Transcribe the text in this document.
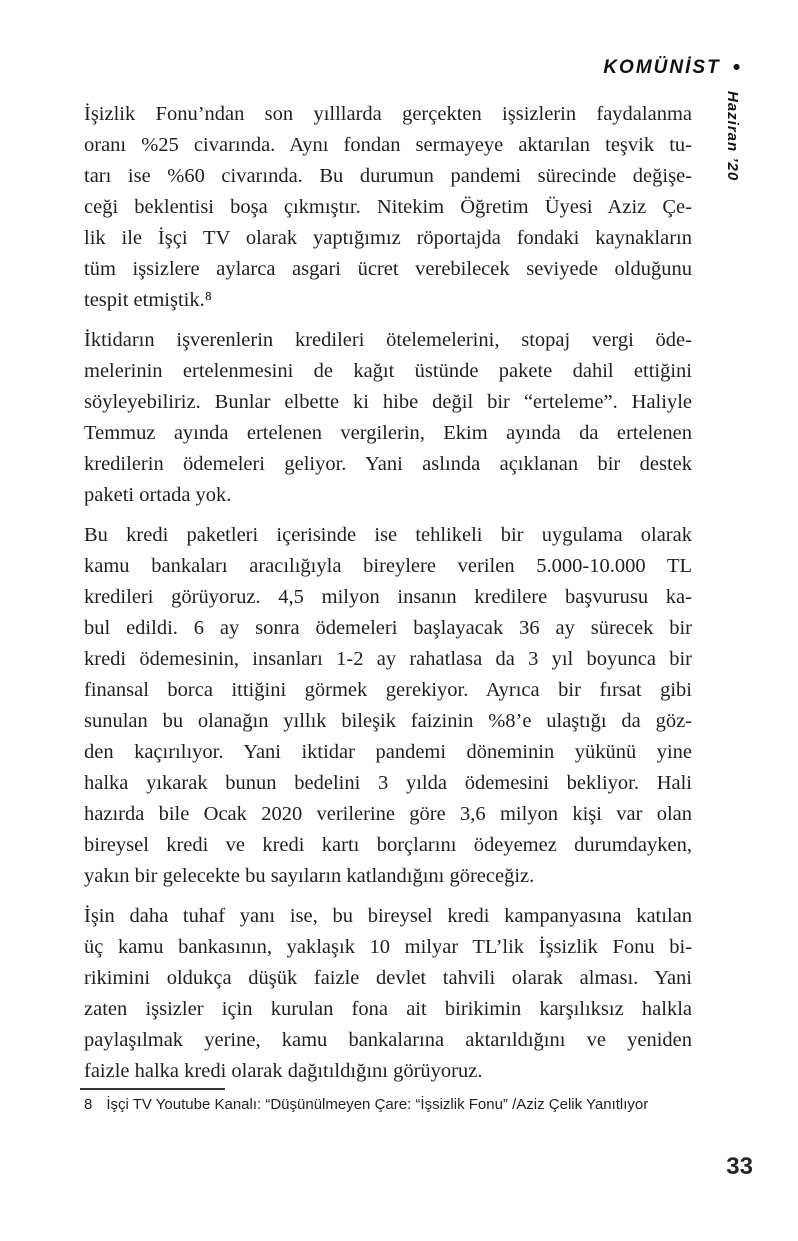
KOMÜNİST •
Haziran ’20
İşizlik Fonu’ndan son yılllarda gerçekten işsizlerin faydalanma
oranı %25 civarında. Aynı fondan sermayeye aktarılan teşvik tu-
tarı ise %60 civarında. Bu durumun pandemi sürecinde değişe-
ceği beklentisi boşa çıkmıştır. Nitekim Öğretim Üyesi Aziz Çe-
lik ile İşçi TV olarak yaptığımız röportajda fondaki kaynakların
tüm işsizlere aylarca asgari ücret verebilecek seviyede olduğunu
tespit etmiştik.⁸
İktidarın işverenlerin kredileri ötelemelerini, stopaj vergi öde-
melerinin ertelenmesini de kağıt üstünde pakete dahil ettiğini
söyleyebiliriz. Bunlar elbette ki hibe değil bir “erteleme”. Haliyle
Temmuz ayında ertelenen vergilerin, Ekim ayında da ertelenen
kredilerin ödemeleri geliyor. Yani aslında açıklanan bir destek
paketi ortada yok.
Bu kredi paketleri içerisinde ise tehlikeli bir uygulama olarak
kamu bankaları aracılığıyla bireylere verilen 5.000-10.000 TL
kredileri görüyoruz. 4,5 milyon insanın kredilere başvurusu ka-
bul edildi. 6 ay sonra ödemeleri başlayacak 36 ay sürecek bir
kredi ödemesinin, insanları 1-2 ay rahatlasa da 3 yıl boyunca bir
finansal borca ittiğini görmek gerekiyor. Ayrıca bir fırsat gibi
sunulan bu olanağın yıllık bileşik faizinin %8’e ulaştığı da göz-
den kaçırılıyor. Yani iktidar pandemi döneminin yükünü yine
halka yıkarak bunun bedelini 3 yılda ödemesini bekliyor. Hali
hazırda bile Ocak 2020 verilerine göre 3,6 milyon kişi var olan
bireysel kredi ve kredi kartı borçlarını ödeyemez durumdayken,
yakın bir gelecekte bu sayıların katlandığını göreceğiz.
İşin daha tuhaf yanı ise, bu bireysel kredi kampanyasına katılan
üç kamu bankasının, yaklaşık 10 milyar TL’lik İşsizlik Fonu bi-
rikimini oldukça düşük faizle devlet tahvili olarak alması. Yani
zaten işsizler için kurulan fona ait birikimin karşılıksız halkla
paylaşılmak yerine, kamu bankalarına aktarıldığını ve yeniden
faizle halka kredi olarak dağıtıldığını görüyoruz.
8 İşçi TV Youtube Kanalı: “Düşünülmeyen Çare: “İşsizlik Fonu” /Aziz Çelik Yanıtlıyor
33
